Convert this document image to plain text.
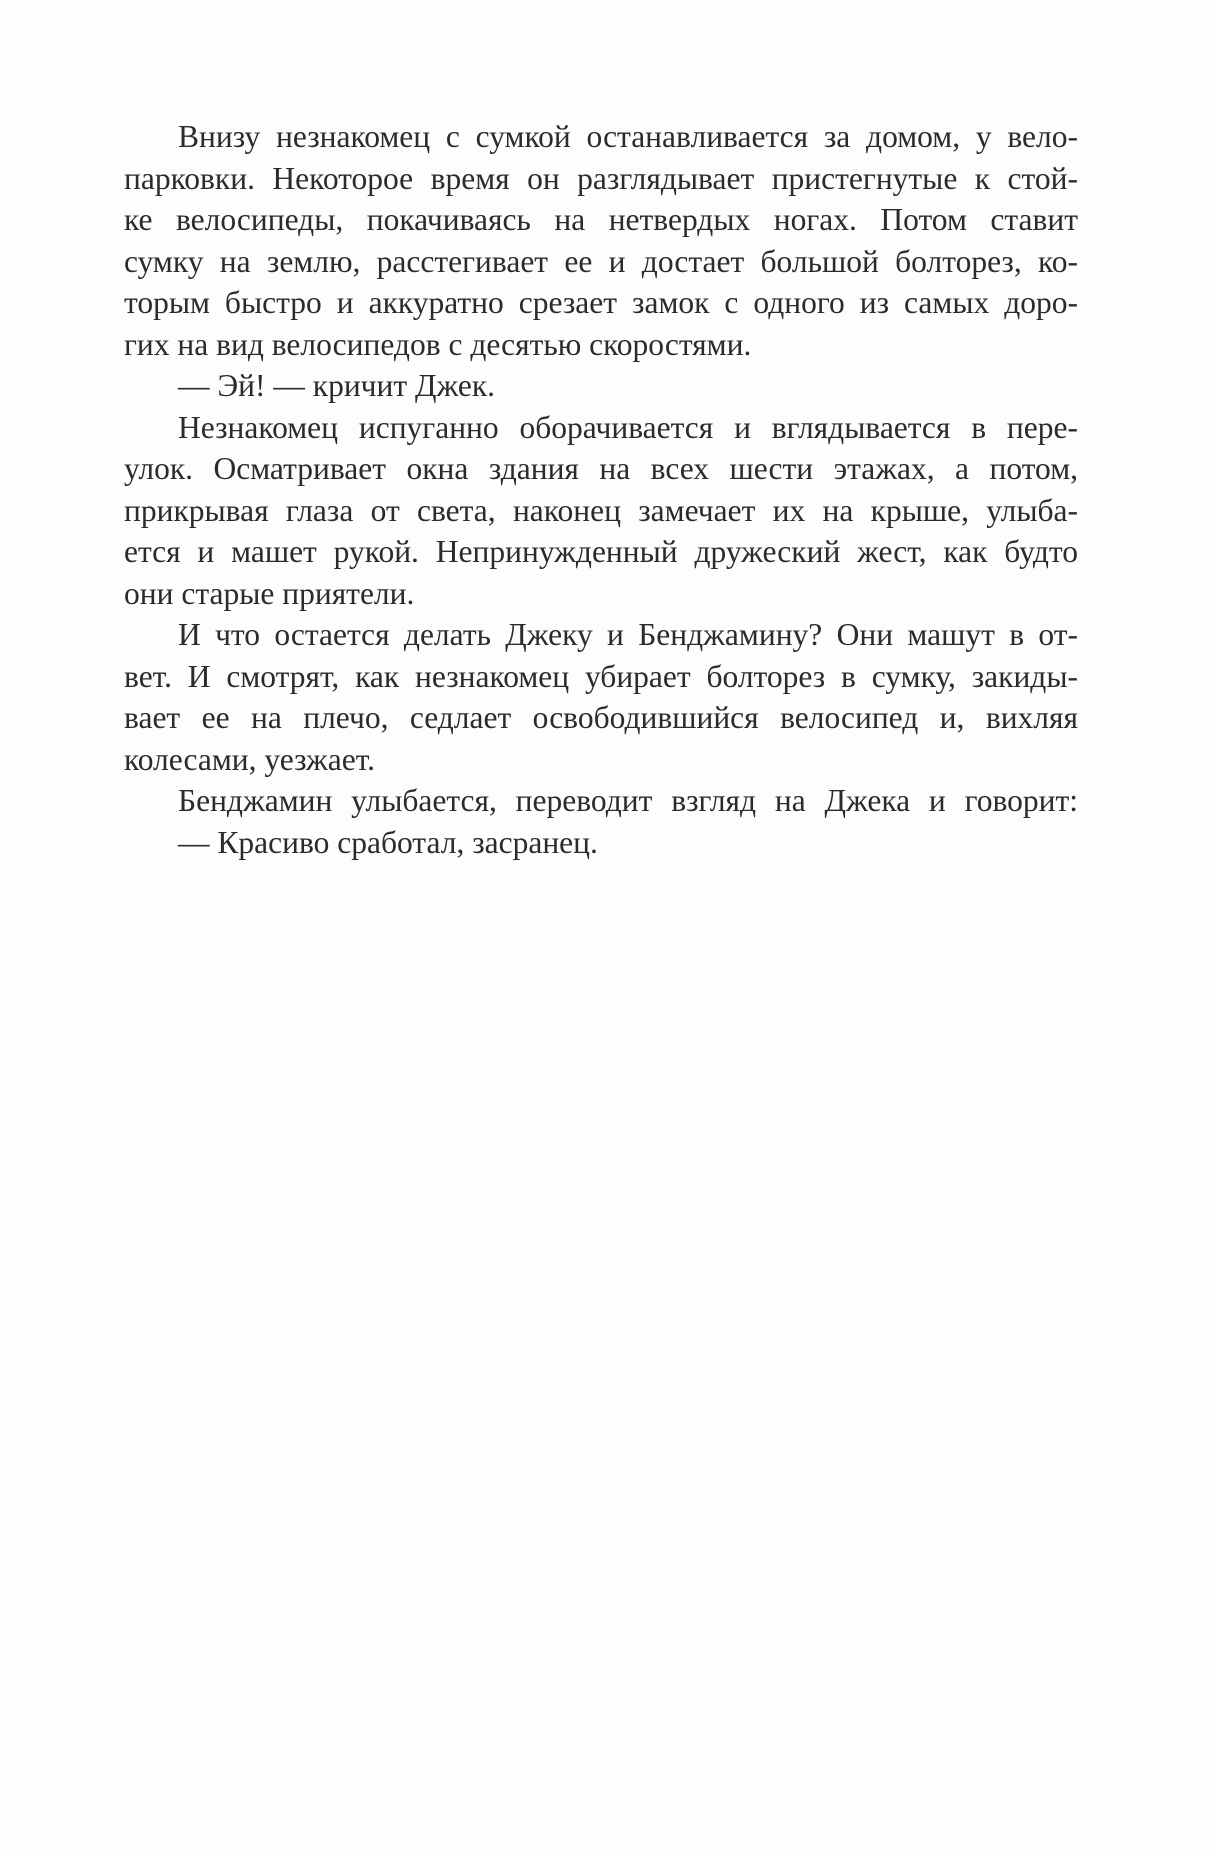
Внизу незнакомец с сумкой останавливается за домом, у вело-
парковки. Некоторое время он разглядывает пристегнутые к стой-
ке велосипеды, покачиваясь на нетвердых ногах. Потом ставит
сумку на землю, расстегивает ее и достает большой болторез, ко-
торым быстро и аккуратно срезает замок с одного из самых доро-
гих на вид велосипедов с десятью скоростями.
— Эй! — кричит Джек.
Незнакомец испуганно оборачивается и вглядывается в пере-
улок. Осматривает окна здания на всех шести этажах, а потом,
прикрывая глаза от света, наконец замечает их на крыше, улыба-
ется и машет рукой. Непринужденный дружеский жест, как будто
они старые приятели.
И что остается делать Джеку и Бенджамину? Они машут в от-
вет. И смотрят, как незнакомец убирает болторез в сумку, закиды-
вает ее на плечо, седлает освободившийся велосипед и, вихляя
колесами, уезжает.
Бенджамин улыбается, переводит взгляд на Джека и говорит:
— Красиво сработал, засранец.
